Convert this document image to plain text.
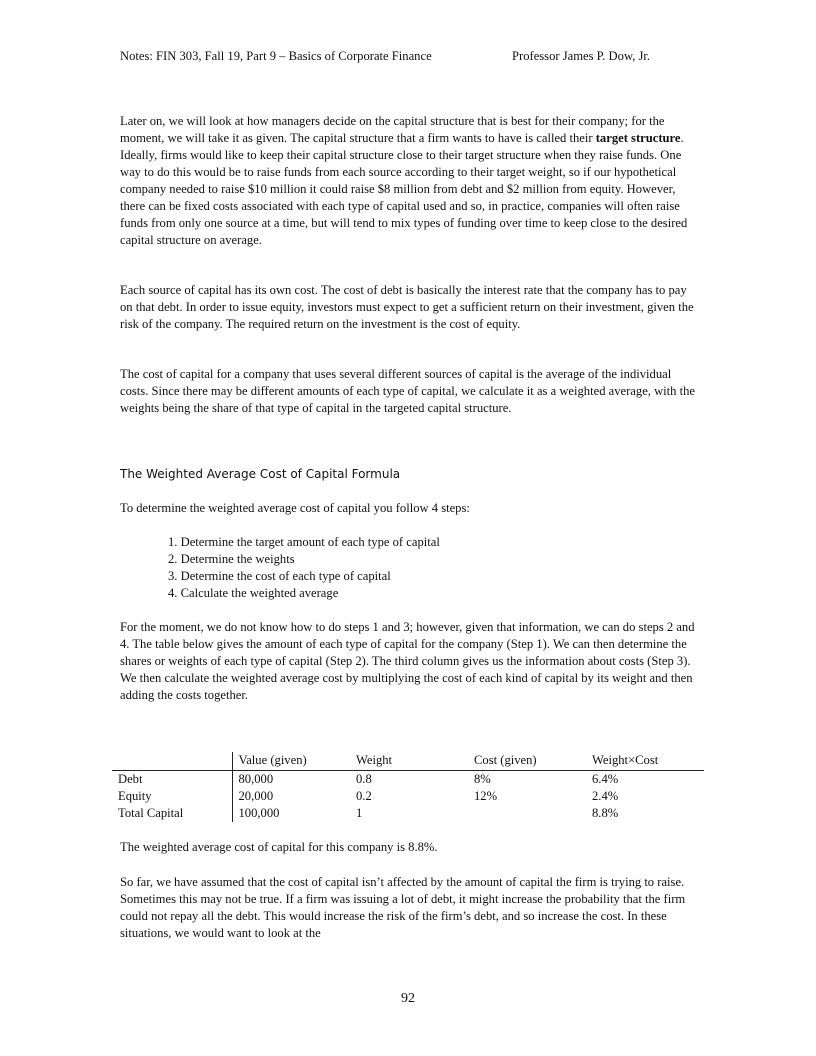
Notes: FIN 303, Fall 19, Part 9 – Basics of Corporate Finance	Professor James P. Dow, Jr.

Later on, we will look at how managers decide on the capital structure that is best for their company; for the moment, we will take it as given. The capital structure that a firm wants to have is called their target structure. Ideally, firms would like to keep their capital structure close to their target structure when they raise funds. One way to do this would be to raise funds from each source according to their target weight, so if our hypothetical company needed to raise $10 million it could raise $8 million from debt and $2 million from equity. However, there can be fixed costs associated with each type of capital used and so, in practice, companies will often raise funds from only one source at a time, but will tend to mix types of funding over time to keep close to the desired capital structure on average.

Each source of capital has its own cost. The cost of debt is basically the interest rate that the company has to pay on that debt. In order to issue equity, investors must expect to get a sufficient return on their investment, given the risk of the company. The required return on the investment is the cost of equity.

The cost of capital for a company that uses several different sources of capital is the average of the individual costs. Since there may be different amounts of each type of capital, we calculate it as a weighted average, with the weights being the share of that type of capital in the targeted capital structure.

The Weighted Average Cost of Capital Formula

To determine the weighted average cost of capital you follow 4 steps:

1. Determine the target amount of each type of capital
2. Determine the weights
3. Determine the cost of each type of capital
4. Calculate the weighted average

For the moment, we do not know how to do steps 1 and 3; however, given that information, we can do steps 2 and 4. The table below gives the amount of each type of capital for the company (Step 1). We can then determine the shares or weights of each type of capital (Step 2). The third column gives us the information about costs (Step 3). We then calculate the weighted average cost by multiplying the cost of each kind of capital by its weight and then adding the costs together.

	Value (given)	Weight	Cost (given)	Weight×Cost
Debt	80,000	0.8	8%	6.4%
Equity	20,000	0.2	12%	2.4%
Total Capital	100,000	1		8.8%

The weighted average cost of capital for this company is 8.8%.

So far, we have assumed that the cost of capital isn’t affected by the amount of capital the firm is trying to raise. Sometimes this may not be true. If a firm was issuing a lot of debt, it might increase the probability that the firm could not repay all the debt. This would increase the risk of the firm’s debt, and so increase the cost. In these situations, we would want to look at the

92
